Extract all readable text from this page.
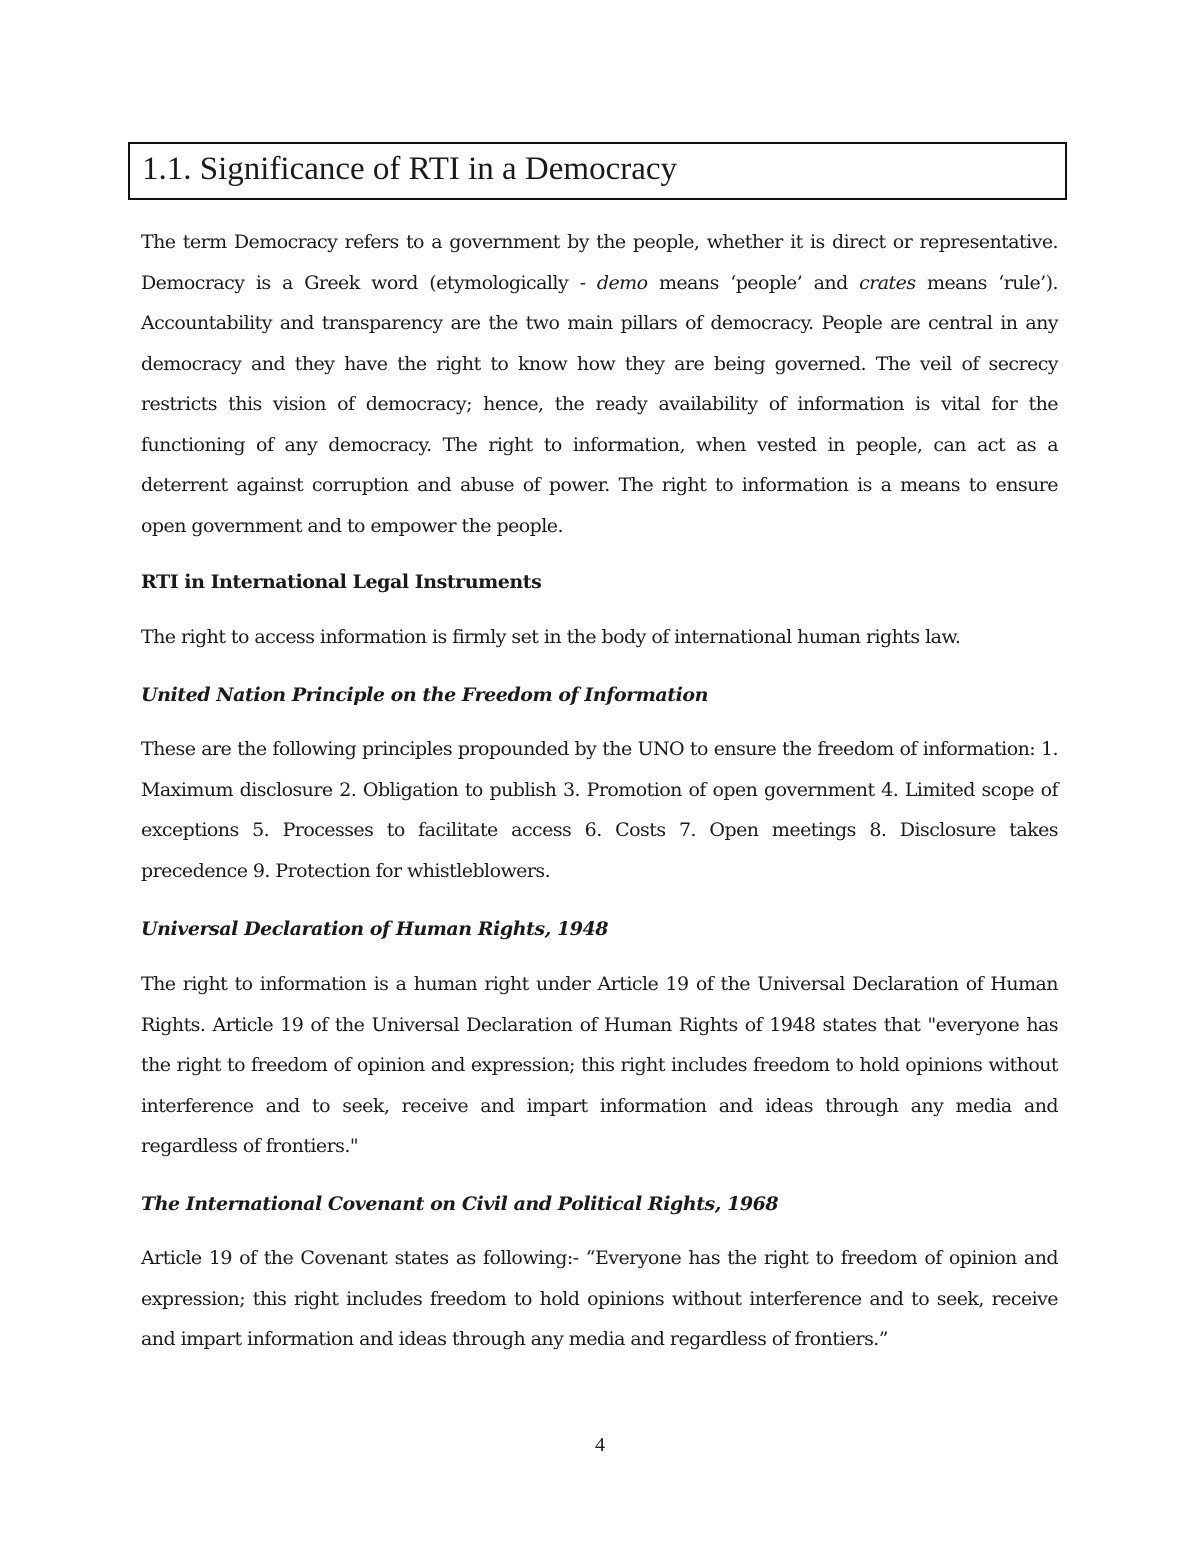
1.1. Significance of RTI in a Democracy

The term Democracy refers to a government by the people, whether it is direct or representative. Democracy is a Greek word (etymologically - demo means ‘people’ and crates means ‘rule’). Accountability and transparency are the two main pillars of democracy. People are central in any democracy and they have the right to know how they are being governed. The veil of secrecy restricts this vision of democracy; hence, the ready availability of information is vital for the functioning of any democracy. The right to information, when vested in people, can act as a deterrent against corruption and abuse of power. The right to information is a means to ensure open government and to empower the people.

RTI in International Legal Instruments

The right to access information is firmly set in the body of international human rights law.

United Nation Principle on the Freedom of Information

These are the following principles propounded by the UNO to ensure the freedom of information: 1. Maximum disclosure 2. Obligation to publish 3. Promotion of open government 4. Limited scope of exceptions 5. Processes to facilitate access 6. Costs 7. Open meetings 8. Disclosure takes precedence 9. Protection for whistleblowers.

Universal Declaration of Human Rights, 1948

The right to information is a human right under Article 19 of the Universal Declaration of Human Rights. Article 19 of the Universal Declaration of Human Rights of 1948 states that "everyone has the right to freedom of opinion and expression; this right includes freedom to hold opinions without interference and to seek, receive and impart information and ideas through any media and regardless of frontiers."

The International Covenant on Civil and Political Rights, 1968

Article 19 of the Covenant states as following:- “Everyone has the right to freedom of opinion and expression; this right includes freedom to hold opinions without interference and to seek, receive and impart information and ideas through any media and regardless of frontiers.”

4
